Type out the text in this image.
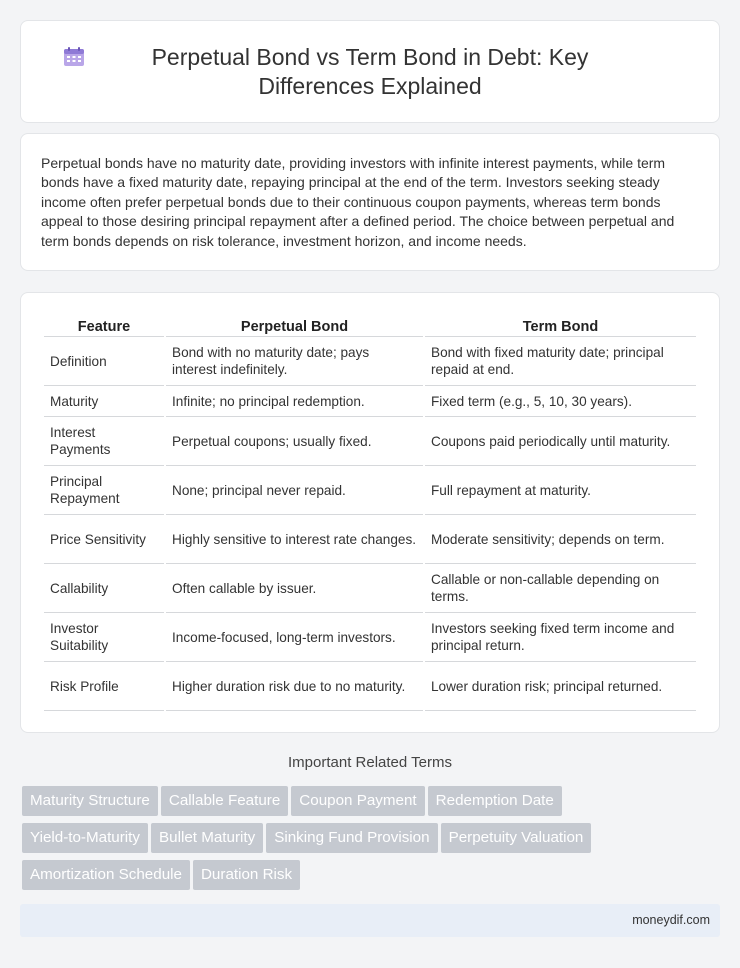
Perpetual Bond vs Term Bond in Debt: Key Differences Explained

Perpetual bonds have no maturity date, providing investors with infinite interest payments, while term bonds have a fixed maturity date, repaying principal at the end of the term. Investors seeking steady income often prefer perpetual bonds due to their continuous coupon payments, whereas term bonds appeal to those desiring principal repayment after a defined period. The choice between perpetual and term bonds depends on risk tolerance, investment horizon, and income needs.

Feature	Perpetual Bond	Term Bond
Definition	Bond with no maturity date; pays interest indefinitely.	Bond with fixed maturity date; principal repaid at end.
Maturity	Infinite; no principal redemption.	Fixed term (e.g., 5, 10, 30 years).
Interest Payments	Perpetual coupons; usually fixed.	Coupons paid periodically until maturity.
Principal Repayment	None; principal never repaid.	Full repayment at maturity.
Price Sensitivity	Highly sensitive to interest rate changes.	Moderate sensitivity; depends on term.
Callability	Often callable by issuer.	Callable or non-callable depending on terms.
Investor Suitability	Income-focused, long-term investors.	Investors seeking fixed term income and principal return.
Risk Profile	Higher duration risk due to no maturity.	Lower duration risk; principal returned.
Important Related Terms
Maturity Structure Callable Feature Coupon Payment Redemption Date
Yield-to-Maturity Bullet Maturity Sinking Fund Provision Perpetuity Valuation
Amortization Schedule Duration Risk
moneydif.com
